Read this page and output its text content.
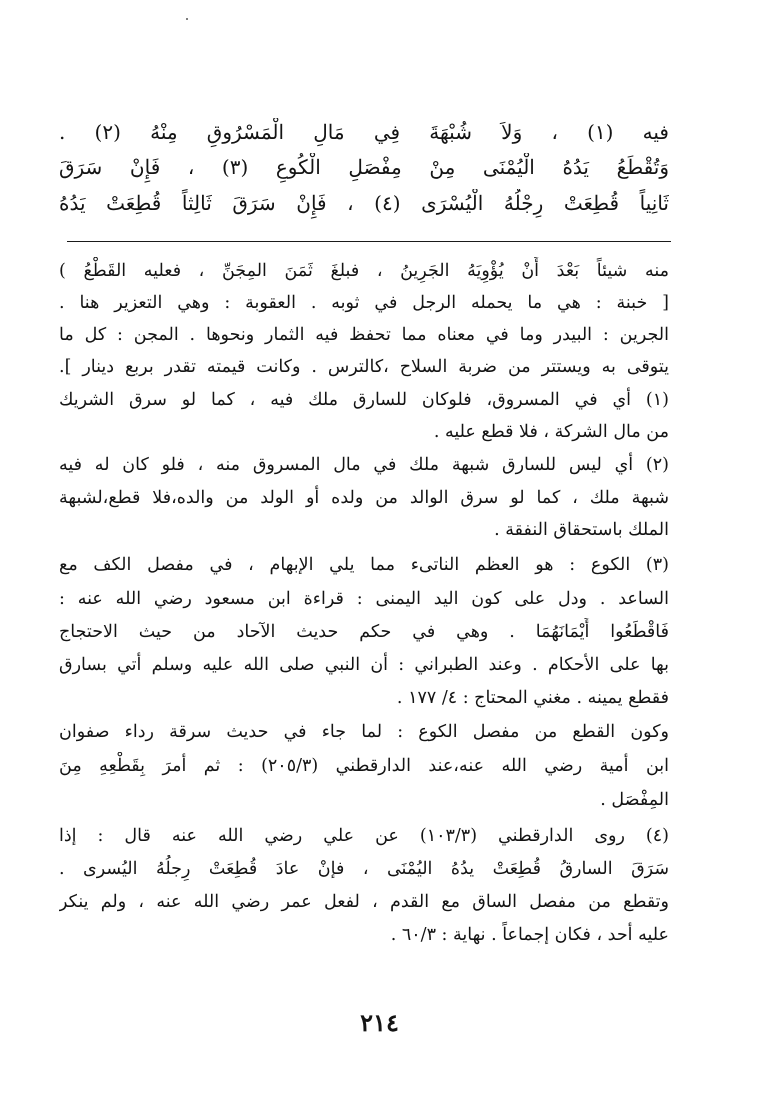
فيه (١) ، وَلاَ شُبْهَةَ فِي مَالِ الْمَسْرُوقِ مِنْهُ (٢) .
وَتُقْطَعُ يَدُهُ الْيُمْنَى مِنْ مِفْصَلِ الْكُوعِ (٣) ، فَإِنْ سَرَقَ
ثَانِياً قُطِعَتْ رِجْلُهُ الْيُسْرَى (٤) ، فَإِنْ سَرَقَ ثَالِثاً قُطِعَتْ يَدُهُ
منه شيئاً بَعْدَ أَنْ يُؤْوِيَهُ الجَرِينُ ، فبلغَ ثَمَنَ المِجَنِّ ، فعليه القَطْعُ )
[ خبنة : هي ما يحمله الرجل في ثوبه . العقوبة : وهي التعزير هنا .
الجرين : البيدر وما في معناه مما تحفظ فيه الثمار ونحوها . المجن : كل ما
يتوقى به ويستتر من ضربة السلاح ،كالترس . وكانت قيمته تقدر بربع دينار ].
(١) أي في المسروق، فلوكان للسارق ملك فيه ، كما لو سرق الشريك
من مال الشركة ، فلا قطع عليه .
(٢) أي ليس للسارق شبهة ملك في مال المسروق منه ، فلو كان له فيه
شبهة ملك ، كما لو سرق الوالد من ولده أو الولد من والده،فلا قطع،لشبهة
الملك باستحقاق النفقة .
(٣) الكوع : هو العظم الناتىء مما يلي الإبهام ، في مفصل الكف مع
الساعد . ودل على كون اليد اليمنى : قراءة ابن مسعود رضي الله عنه :
فَاقْطَعُوا أَيْمَانَهُمَا . وهي في حكم حديث الآحاد من حيث الاحتجاج
بها على الأحكام . وعند الطبراني : أن النبي صلى الله عليه وسلم أتي بسارق
فقطع يمينه . مغني المحتاج : ٤/ ١٧٧ .
وكون القطع من مفصل الكوع : لما جاء في حديث سرقة رداء صفوان
ابن أمية رضي الله عنه،عند الدارقطني (٢٠٥/٣) : ثم أمرَ بِقَطْعِهِ مِنَ
المِفْصَل .
(٤) روى الدارقطني (١٠٣/٣) عن علي رضي الله عنه قال : إذا
سَرَقَ السارقُ قُطِعَتْ يدُهُ اليُمْنَى ، فإنْ عادَ قُطِعَتْ رِجلُهُ اليُسرى .
وتقطع من مفصل الساق مع القدم ، لفعل عمر رضي الله عنه ، ولم ينكر
عليه أحد ، فكان إجماعاً . نهاية : ٦٠/٣ .
٢١٤
